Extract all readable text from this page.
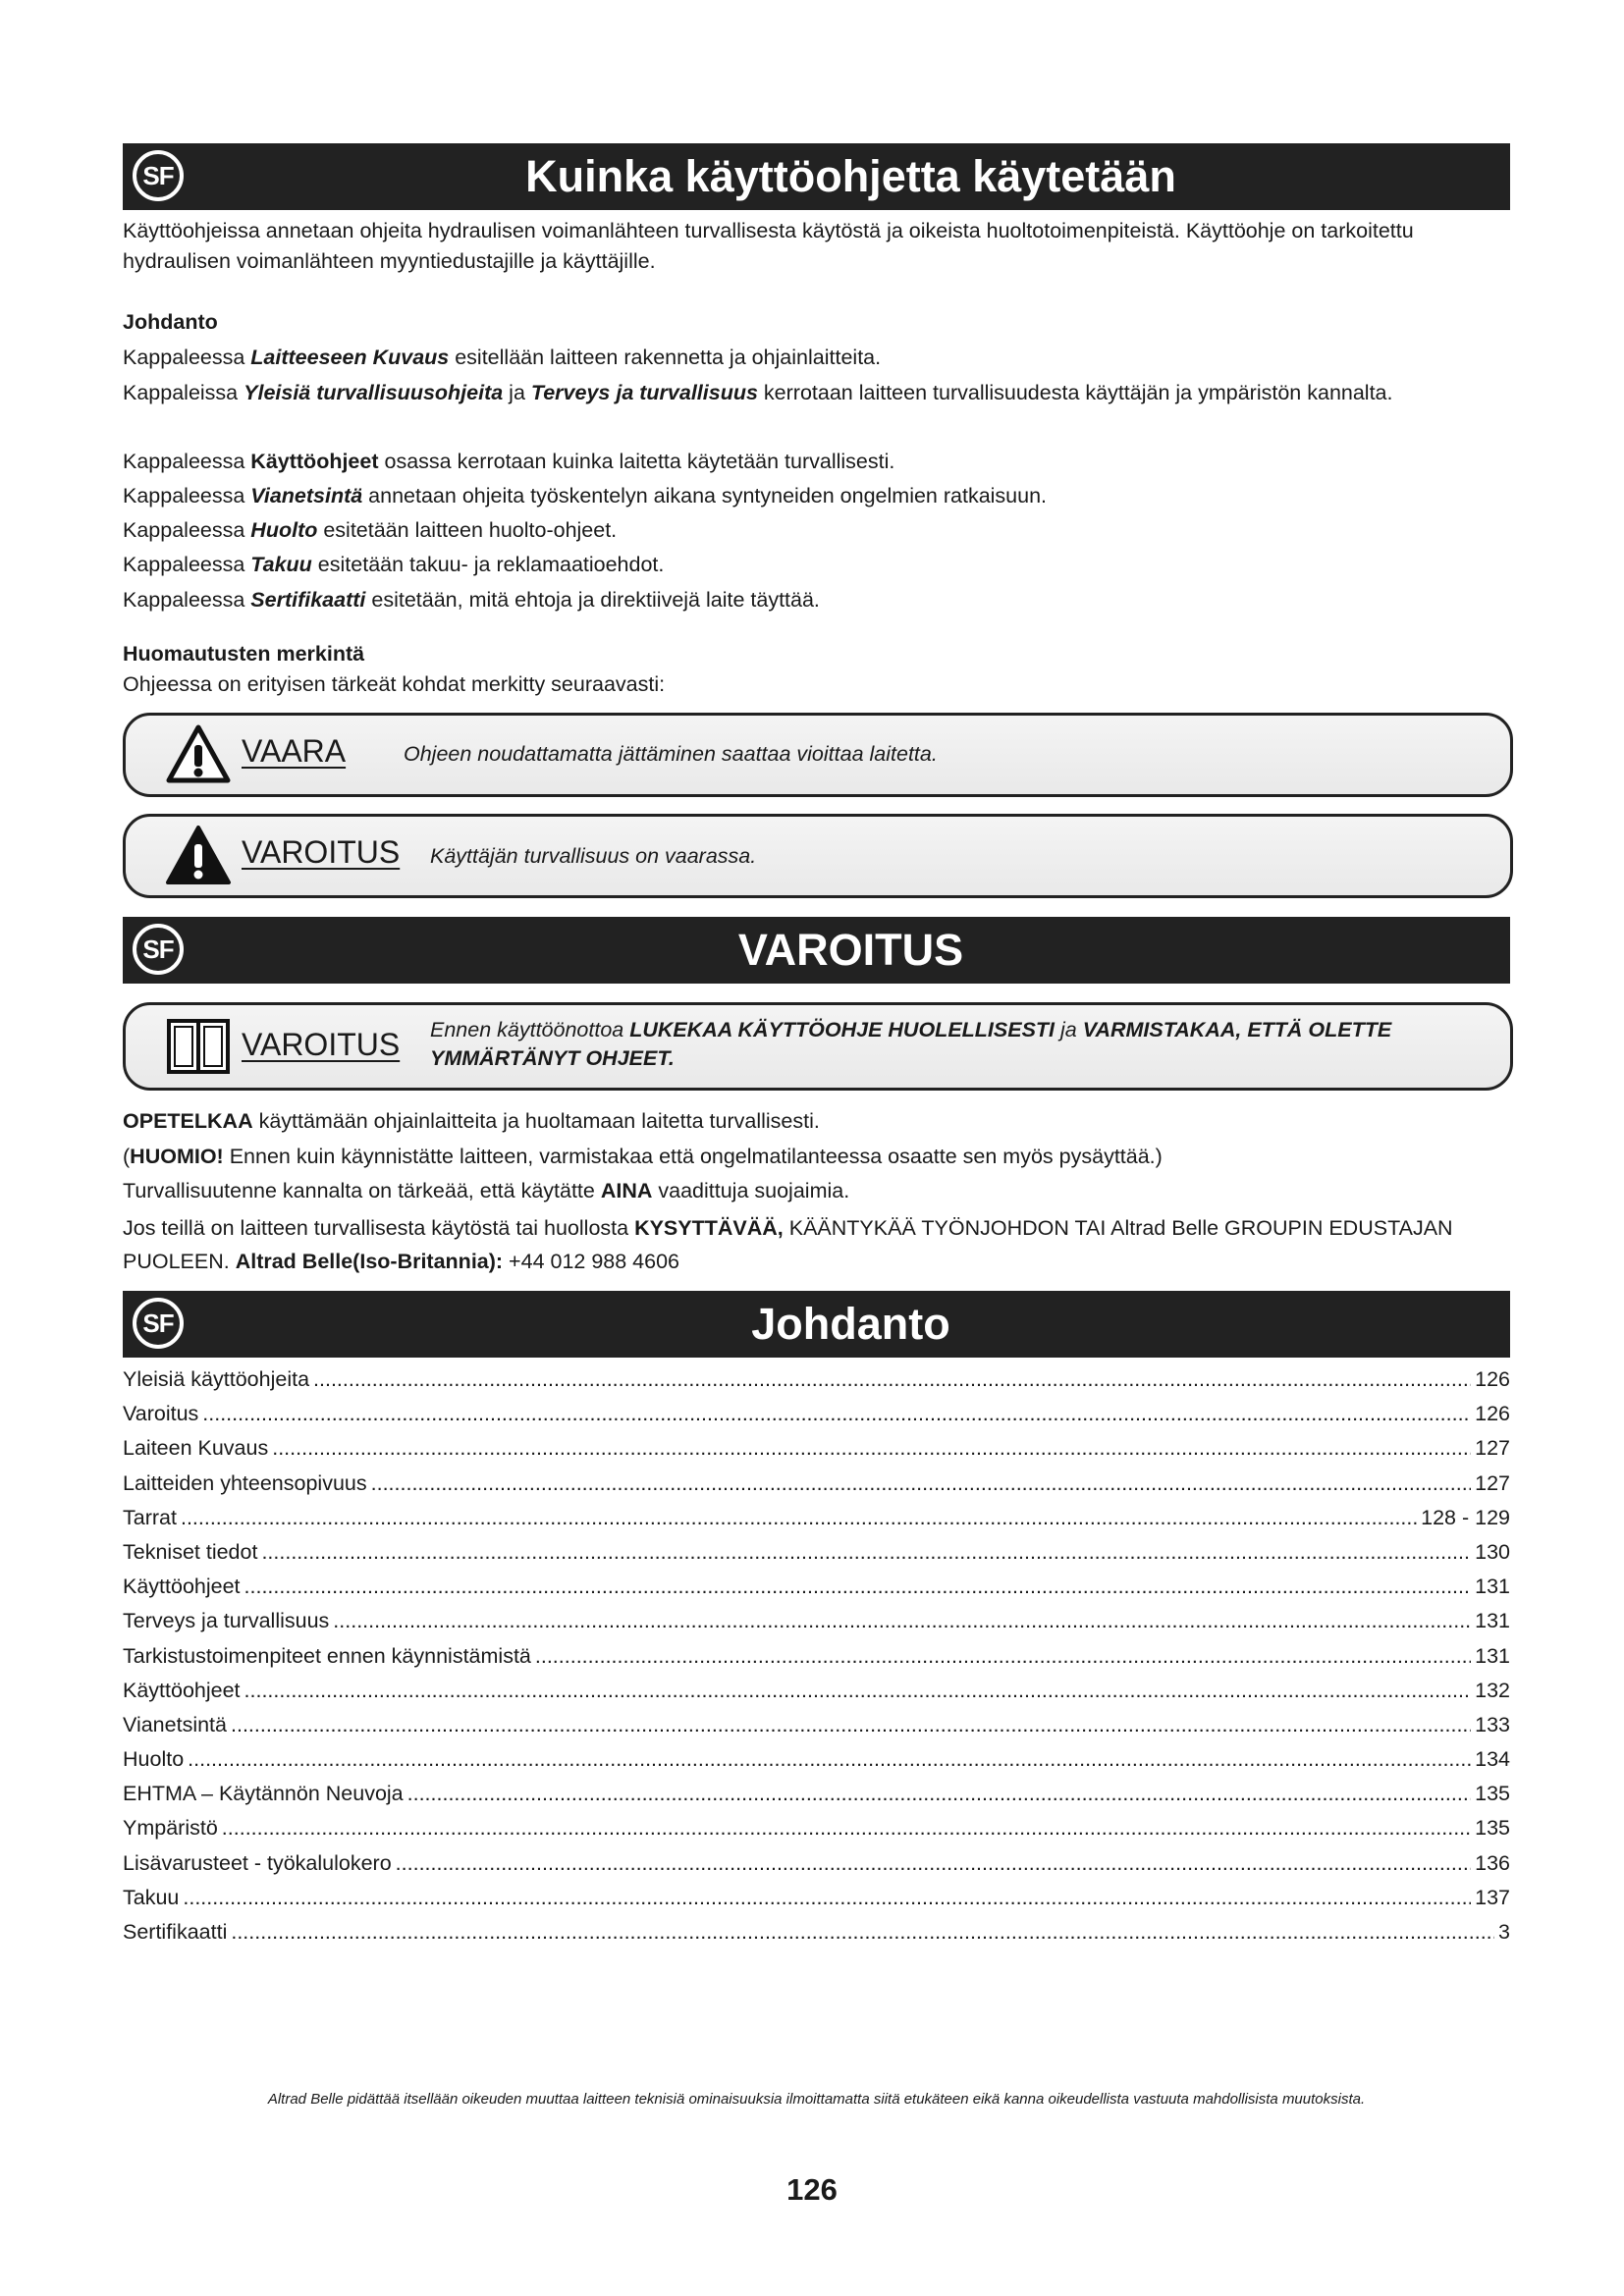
SF	Kuinka käyttöohjetta käytetään
Käyttöohjeissa annetaan ohjeita hydraulisen voimanlähteen turvallisesta käytöstä ja oikeista huoltotoimenpiteistä. Käyttöohje on tarkoitettu hydraulisen voimanlähteen myyntiedustajille ja käyttäjille.
Johdanto
Kappaleessa Laitteeseen Kuvaus esitellään laitteen rakennetta ja ohjainlaitteita.
Kappaleissa Yleisiä turvallisuusohjeita ja Terveys ja turvallisuus kerrotaan laitteen turvallisuudesta käyttäjän ja ympäristön kannalta.
Kappaleessa Käyttöohjeet osassa kerrotaan kuinka laitetta käytetään turvallisesti.
Kappaleessa Vianetsintä annetaan ohjeita työskentelyn aikana syntyneiden ongelmien ratkaisuun.
Kappaleessa Huolto esitetään laitteen huolto-ohjeet.
Kappaleessa Takuu esitetään takuu- ja reklamaatioehdot.
Kappaleessa Sertifikaatti esitetään, mitä ehtoja ja direktiivejä laite täyttää.
Huomautusten merkintä
Ohjeessa on erityisen tärkeät kohdat merkitty seuraavasti:
VAARA	Ohjeen noudattamatta jättäminen saattaa vioittaa laitetta.
VAROITUS Käyttäjän turvallisuus on vaarassa.
SF	VAROITUS
VAROITUS Ennen käyttöönottoa LUKEKAA KÄYTTÖOHJE HUOLELLISESTI ja VARMISTAKAA, ETTÄ OLETTE YMMÄRTÄNYT OHJEET.
OPETELKAA käyttämään ohjainlaitteita ja huoltamaan laitetta turvallisesti.
(HUOMIO! Ennen kuin käynnistätte laitteen, varmistakaa että ongelmatilanteessa osaatte sen myös pysäyttää.)
Turvallisuutenne kannalta on tärkeää, että käytätte AINA vaadittuja suojaimia.
Jos teillä on laitteen turvallisesta käytöstä tai huollosta KYSYTTÄVÄÄ, KÄÄNTYKÄÄ TYÖNJOHDON TAI Altrad Belle GROUPIN EDUSTAJAN PUOLEEN. Altrad Belle(Iso-Britannia): +44 012 988 4606
SF	Johdanto
Yleisiä käyttöohjeita .....	126
Varoitus .....	126
Laiteen Kuvaus .....	127
Laitteiden yhteensopivuus .....	127
Tarrat .....	128 - 129
Tekniset tiedot .....	130
Käyttöohjeet .....	131
Terveys ja turvallisuus .....	131
Tarkistustoimenpiteet ennen käynnistämistä .....	131
Käyttöohjeet .....	132
Vianetsintä .....	133
Huolto .....	134
EHTMA – Käytännön Neuvoja .....	135
Ympäristö .....	135
Lisävarusteet - työkalulokero .....	136
Takuu .....	137
Sertifikaatti .....	3
Altrad Belle pidättää itsellään oikeuden muuttaa laitteen teknisiä ominaisuuksia ilmoittamatta siitä etukäteen eikä kanna oikeudellista vastuuta mahdollisista muutoksista.
126
